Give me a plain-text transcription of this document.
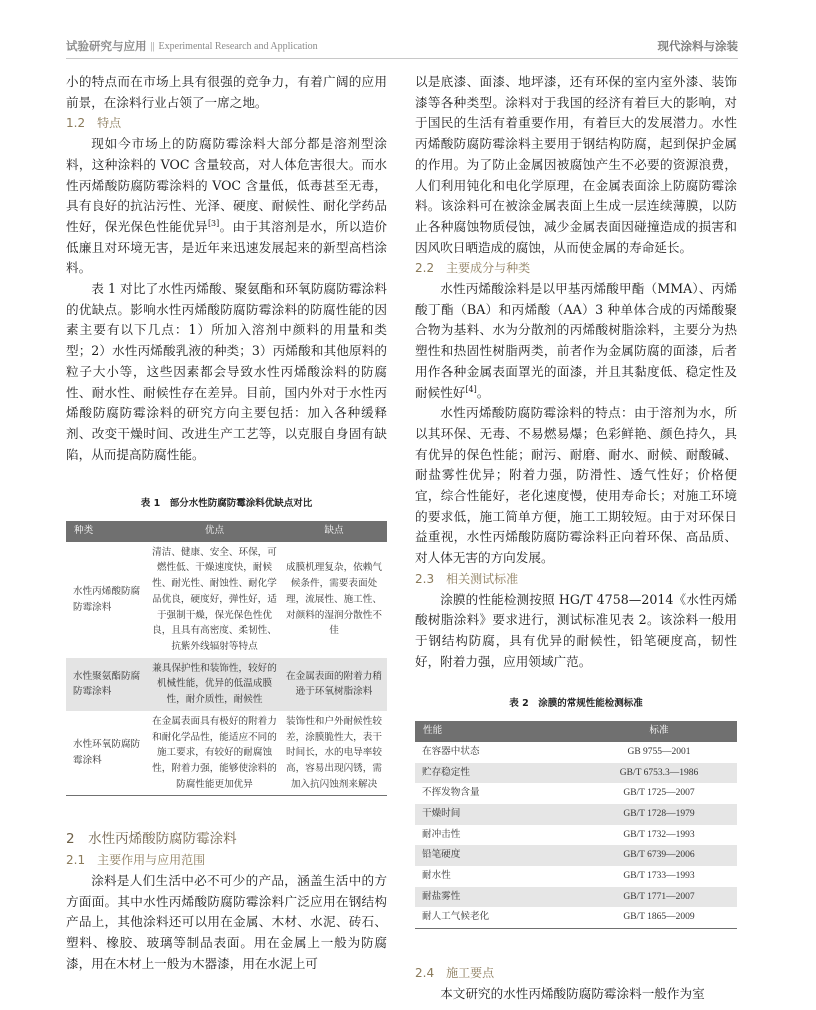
试验研究与应用 || Experimental Research and Application	现代涂料与涂装

小的特点而在市场上具有很强的竞争力，有着广阔的应用前景，在涂料行业占领了一席之地。

1.2　特点

现如今市场上的防腐防霉涂料大部分都是溶剂型涂料，这种涂料的 VOC 含量较高，对人体危害很大。而水性丙烯酸防腐防霉涂料的 VOC 含量低，低毒甚至无毒，具有良好的抗沾污性、光泽、硬度、耐候性、耐化学药品性好，保光保色性能优异[3]。由于其溶剂是水，所以造价低廉且对环境无害，是近年来迅速发展起来的新型高档涂料。

表 1 对比了水性丙烯酸、聚氨酯和环氧防腐防霉涂料的优缺点。影响水性丙烯酸防腐防霉涂料的防腐性能的因素主要有以下几点：1）所加入溶剂中颜料的用量和类型；2）水性丙烯酸乳液的种类；3）丙烯酸和其他原料的粒子大小等，这些因素都会导致水性丙烯酸涂料的防腐性、耐水性、耐候性存在差异。目前，国内外对于水性丙烯酸防腐防霉涂料的研究方向主要包括：加入各种缓释剂、改变干燥时间、改进生产工艺等，以克服自身固有缺陷，从而提高防腐性能。

表 1　部分水性防腐防霉涂料优缺点对比

种类	优点	缺点
水性丙烯酸防腐防霉涂料	清洁、健康、安全、环保，可燃性低、干燥速度快，耐候性、耐光性、耐蚀性、耐化学品优良，硬度好，弹性好，适于强制干燥，保光保色性优良，且具有高密度、柔韧性、抗紫外线辐射等特点	成膜机理复杂，依赖气候条件，需要表面处理，流展性、施工性、对颜料的湿润分散性不佳
水性聚氨酯防腐防霉涂料	兼具保护性和装饰性，较好的机械性能，优异的低温成膜性，耐介质性，耐候性	在金属表面的附着力稍逊于环氧树脂涂料
水性环氧防腐防霉涂料	在金属表面具有极好的附着力和耐化学品性，能适应不同的施工要求，有较好的耐腐蚀性，附着力强，能够使涂料的防腐性能更加优异	装饰性和户外耐候性较差，涂膜脆性大，表干时间长，水的电导率较高，容易出现闪锈，需加入抗闪蚀剂来解决

2　水性丙烯酸防腐防霉涂料

2.1　主要作用与应用范围

涂料是人们生活中必不可少的产品，涵盖生活中的方方面面。其中水性丙烯酸防腐防霉涂料广泛应用在钢结构产品上，其他涂料还可以用在金属、木材、水泥、砖石、塑料、橡胶、玻璃等制品表面。用在金属上一般为防腐漆，用在木材上一般为木器漆，用在水泥上可

以是底漆、面漆、地坪漆，还有环保的室内室外漆、装饰漆等各种类型。涂料对于我国的经济有着巨大的影响，对于国民的生活有着重要作用，有着巨大的发展潜力。水性丙烯酸防腐防霉涂料主要用于钢结构防腐，起到保护金属的作用。为了防止金属因被腐蚀产生不必要的资源浪费，人们利用钝化和电化学原理，在金属表面涂上防腐防霉涂料。该涂料可在被涂金属表面上生成一层连续薄膜，以防止各种腐蚀物质侵蚀，减少金属表面因碰撞造成的损害和因风吹日晒造成的腐蚀，从而使金属的寿命延长。

2.2　主要成分与种类

水性丙烯酸涂料是以甲基丙烯酸甲酯（MMA）、丙烯酸丁酯（BA）和丙烯酸（AA）3 种单体合成的丙烯酸聚合物为基料、水为分散剂的丙烯酸树脂涂料，主要分为热塑性和热固性树脂两类，前者作为金属防腐的面漆，后者用作各种金属表面罩光的面漆，并且其黏度低、稳定性及耐候性好[4]。

水性丙烯酸防腐防霉涂料的特点：由于溶剂为水，所以其环保、无毒、不易燃易爆；色彩鲜艳、颜色持久，具有优异的保色性能；耐污、耐磨、耐水、耐候、耐酸碱、耐盐雾性优异；附着力强，防滑性、透气性好；价格便宜，综合性能好，老化速度慢，使用寿命长；对施工环境的要求低，施工简单方便，施工工期较短。由于对环保日益重视，水性丙烯酸防腐防霉涂料正向着环保、高品质、对人体无害的方向发展。

2.3　相关测试标准

涂膜的性能检测按照 HG/T 4758—2014《水性丙烯酸树脂涂料》要求进行，测试标准见表 2。该涂料一般用于钢结构防腐，具有优异的耐候性，铅笔硬度高，韧性好，附着力强，应用领域广范。

表 2　涂膜的常规性能检测标准

性能	标准
在容器中状态	GB 9755—2001
贮存稳定性	GB/T 6753.3—1986
不挥发物含量	GB/T 1725—2007
干燥时间	GB/T 1728—1979
耐冲击性	GB/T 1732—1993
铅笔硬度	GB/T 6739—2006
耐水性	GB/T 1733—1993
耐盐雾性	GB/T 1771—2007
耐人工气候老化	GB/T 1865—2009

2.4　施工要点

本文研究的水性丙烯酸防腐防霉涂料一般作为室
